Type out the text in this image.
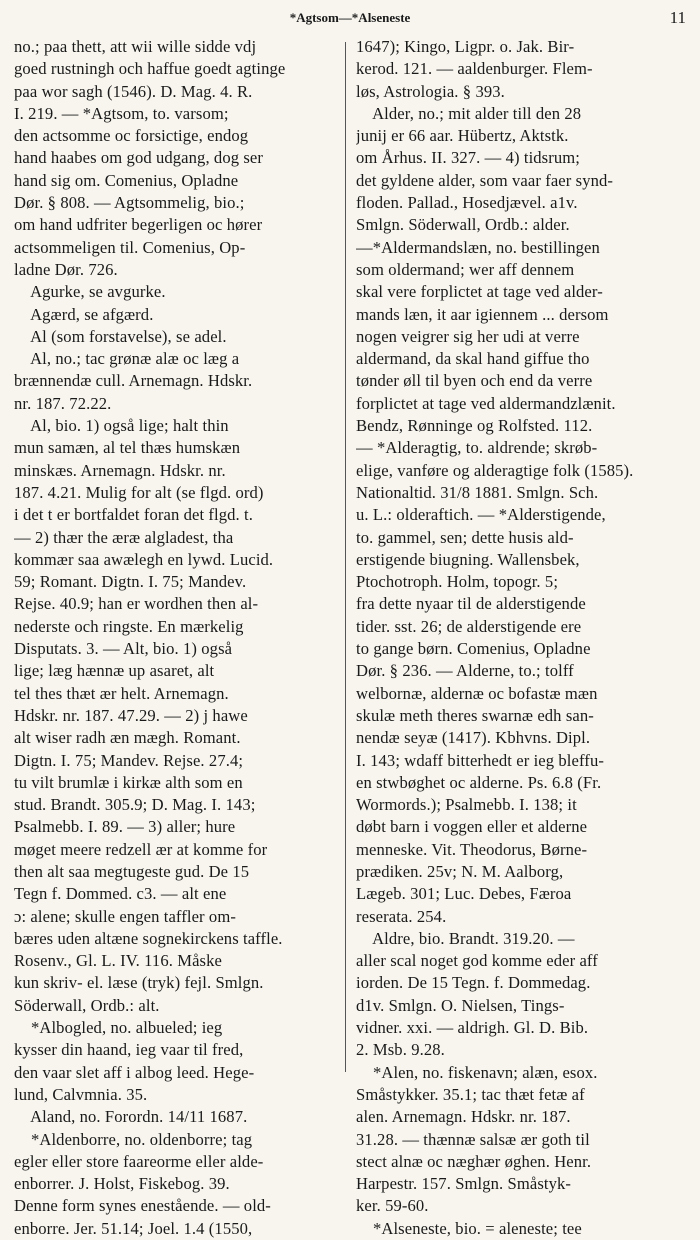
*Agtsom—*Alseneste	11
no.; paa thett, att wii wille sidde vdj
goed rustningh och haffue goedt agtinge
paa wor sagh (1546). D. Mag. 4. R.
I. 219. — *Agtsom, to. varsom;
den actsomme oc forsictige, endog
hand haabes om god udgang, dog ser
hand sig om. Comenius, Opladne
Dør. § 808. — Agtsommelig, bio.;
om hand udfriter begerligen oc hører
actsommeligen til. Comenius, Op-
ladne Dør. 726.
Agurke, se avgurke.
Agærd, se afgærd.
Al (som forstavelse), se adel.
Al, no.; tac grønæ alæ oc læg a
brænnendæ cull. Arnemagn. Hdskr.
nr. 187. 72.22.
Al, bio. 1) også lige; halt thin
mun samæn, al tel thæs humskæn
minskæs. Arnemagn. Hdskr. nr.
187. 4.21. Mulig for alt (se flgd. ord)
i det t er bortfaldet foran det flgd. t.
— 2) thær the æræ algladest, tha
kommær saa awælegh en lywd. Lucid.
59; Romant. Digtn. I. 75; Mandev.
Rejse. 40.9; han er wordhen then al-
nederste och ringste. En mærkelig
Disputats. 3. — Alt, bio. 1) også
lige; læg hænnæ up asaret, alt
tel thes thæt ær helt. Arnemagn.
Hdskr. nr. 187. 47.29. — 2) j hawe
alt wiser radh æn mægh. Romant.
Digtn. I. 75; Mandev. Rejse. 27.4;
tu vilt brumlæ i kirkæ alth som en
stud. Brandt. 305.9; D. Mag. I. 143;
Psalmebb. I. 89. — 3) aller; hure
møget meere redzell ær at komme for
then alt saa megtugeste gud. De 15
Tegn f. Dommed. c3. — alt ene
ɔ: alene; skulle engen taffler om-
bæres uden altæne sognekirckens taffle.
Rosenv., Gl. L. IV. 116. Måske
kun skriv- el. læse (tryk) fejl. Smlgn.
Söderwall, Ordb.: alt.
*Albogled, no. albueled; ieg
kysser din haand, ieg vaar til fred,
den vaar slet aff i albog leed. Hege-
lund, Calvmnia. 35.
Aland, no. Forordn. 14/11 1687.
*Aldenborre, no. oldenborre; tag
egler eller store faareorme eller alde-
enborrer. J. Holst, Fiskebog. 39.
Denne form synes enestående. — old-
enborre. Jer. 51.14; Joel. 1.4 (1550,
1647); Kingo, Ligpr. o. Jak. Bir-
kerod. 121. — aaldenburger. Flem-
løs, Astrologia. § 393.
Alder, no.; mit alder till den 28
junij er 66 aar. Hübertz, Aktstk.
om Århus. II. 327. — 4) tidsrum;
det gyldene alder, som vaar faer synd-
floden. Pallad., Hosedjævel. a1v.
Smlgn. Söderwall, Ordb.: alder.
—*Aldermandslæn, no. bestillingen
som oldermand; wer aff dennem
skal vere forplictet at tage ved alder-
mands læn, it aar igiennem ... dersom
nogen veigrer sig her udi at verre
aldermand, da skal hand giffue tho
tønder øll til byen och end da verre
forplictet at tage ved aldermandzlænit.
Bendz, Rønninge og Rolfsted. 112.
— *Alderagtig, to. aldrende; skrøb-
elige, vanføre og alderagtige folk (1585).
Nationaltid. 31/8 1881. Smlgn. Sch.
u. L.: olderaftich. — *Alderstigende,
to. gammel, sen; dette husis ald-
erstigende biugning. Wallensbek,
Ptochotroph. Holm, topogr. 5;
fra dette nyaar til de alderstigende
tider. sst. 26; de alderstigende ere
to gange børn. Comenius, Opladne
Dør. § 236. — Alderne, to.; tolff
welbornæ, aldernæ oc bofastæ mæn
skulæ meth theres swarnæ edh san-
nendæ seyæ (1417). Kbhvns. Dipl.
I. 143; wdaff bitterhedt er ieg bleffu-
en stwbøghet oc alderne. Ps. 6.8 (Fr.
Wormords.); Psalmebb. I. 138; it
døbt barn i voggen eller et alderne
menneske. Vit. Theodorus, Børne-
prædiken. 25v; N. M. Aalborg,
Lægeb. 301; Luc. Debes, Færoa
reserata. 254.
Aldre, bio. Brandt. 319.20. —
aller scal noget god komme eder aff
iorden. De 15 Tegn. f. Dommedag.
d1v. Smlgn. O. Nielsen, Tings-
vidner. xxi. — aldrigh. Gl. D. Bib.
2. Msb. 9.28.
*Alen, no. fiskenavn; alæn, esox.
Småstykker. 35.1; tac thæt fetæ af
alen. Arnemagn. Hdskr. nr. 187.
31.28. — thænnæ salsæ ær goth til
stect alnæ oc næghær øghen. Henr.
Harpestr. 157. Smlgn. Småstyk-
ker. 59-60.
*Alseneste, bio. = aleneste; tee
